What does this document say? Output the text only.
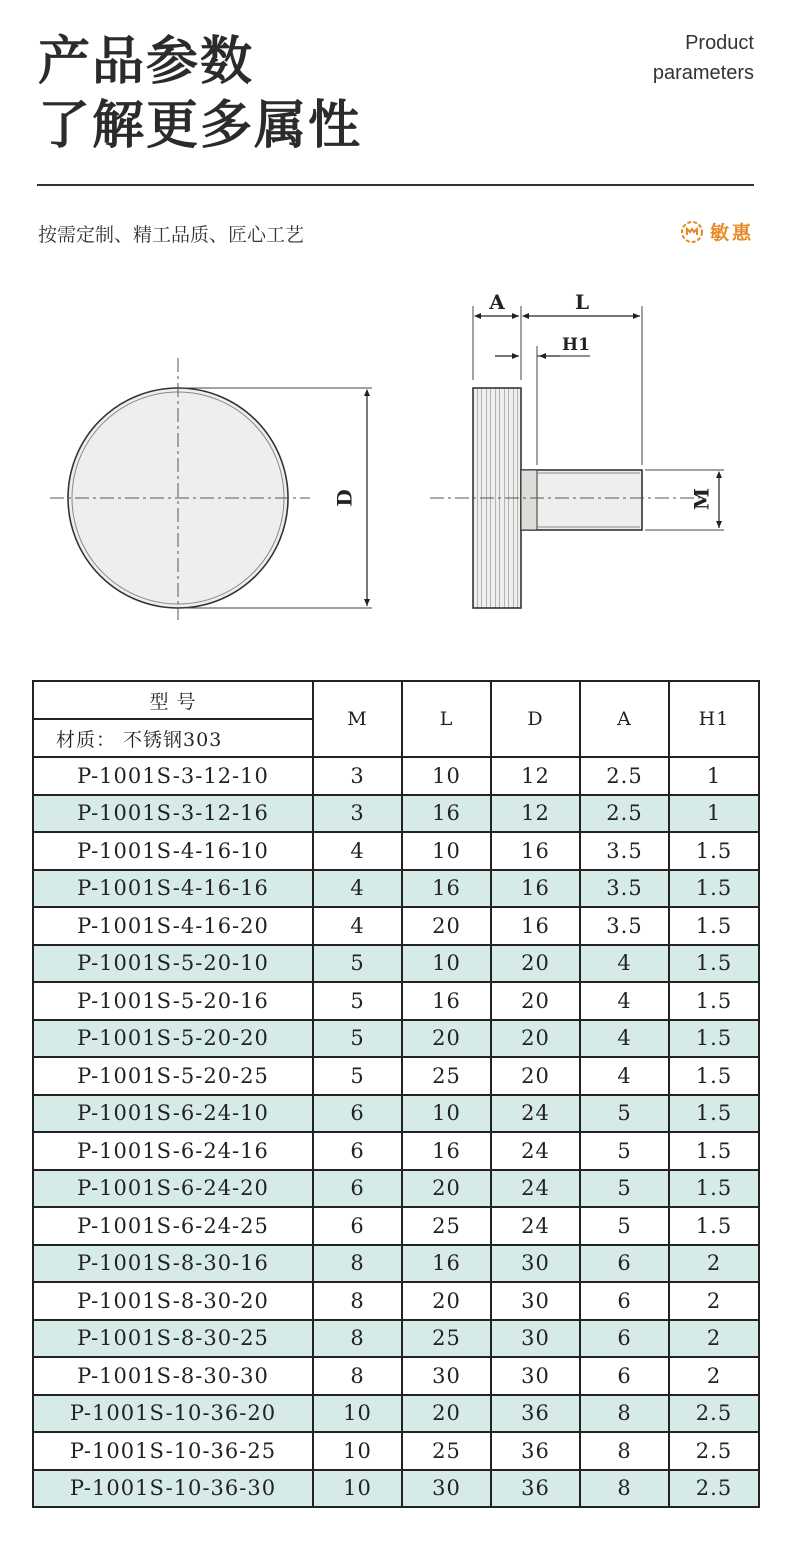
产品参数
了解更多属性
Product
parameters
按需定制、精工品质、匠心工艺	敏惠
D
A	L
H1
M
型 号	M	L	D	A	H1
材质： 不锈钢303					
P-1001S-3-12-10	3	10	12	2.5	1
P-1001S-3-12-16	3	16	12	2.5	1
P-1001S-4-16-10	4	10	16	3.5	1.5
P-1001S-4-16-16	4	16	16	3.5	1.5
P-1001S-4-16-20	4	20	16	3.5	1.5
P-1001S-5-20-10	5	10	20	4	1.5
P-1001S-5-20-16	5	16	20	4	1.5
P-1001S-5-20-20	5	20	20	4	1.5
P-1001S-5-20-25	5	25	20	4	1.5
P-1001S-6-24-10	6	10	24	5	1.5
P-1001S-6-24-16	6	16	24	5	1.5
P-1001S-6-24-20	6	20	24	5	1.5
P-1001S-6-24-25	6	25	24	5	1.5
P-1001S-8-30-16	8	16	30	6	2
P-1001S-8-30-20	8	20	30	6	2
P-1001S-8-30-25	8	25	30	6	2
P-1001S-8-30-30	8	30	30	6	2
P-1001S-10-36-20	10	20	36	8	2.5
P-1001S-10-36-25	10	25	36	8	2.5
P-1001S-10-36-30	10	30	36	8	2.5
